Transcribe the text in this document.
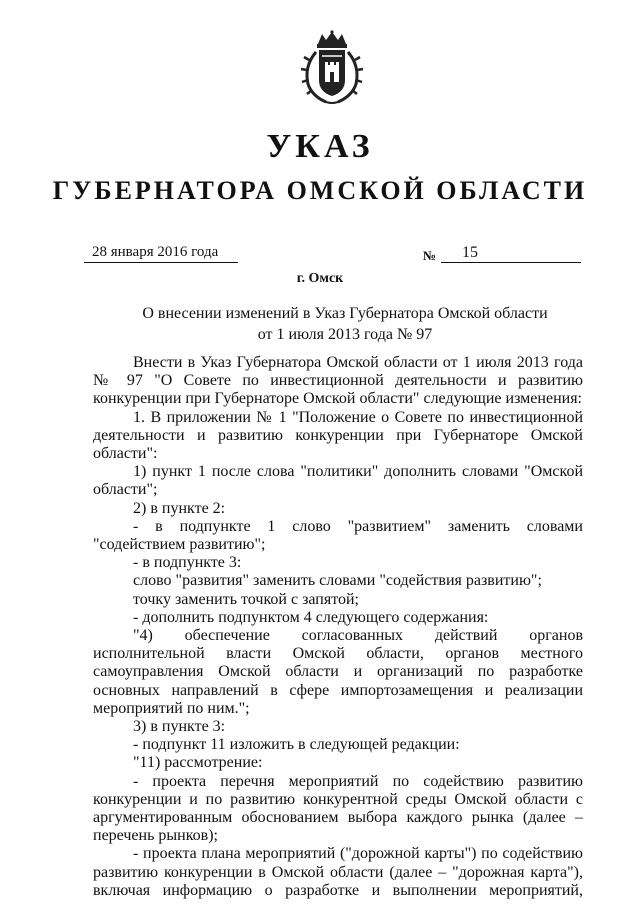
УКАЗ
ГУБЕРНАТОРА ОМСКОЙ ОБЛАСТИ
28 января 2016 года	№ 15
г. Омск
О внесении изменений в Указ Губернатора Омской области
от 1 июля 2013 года № 97

Внести в Указ Губернатора Омской области от 1 июля 2013 года № 97 "О Совете по инвестиционной деятельности и развитию конкуренции при Губернаторе Омской области" следующие изменения:

1. В приложении № 1 "Положение о Совете по инвестиционной деятельности и развитию конкуренции при Губернаторе Омской области":

1) пункт 1 после слова "политики" дополнить словами "Омской области";

2) в пункте 2:

- в подпункте 1 слово "развитием" заменить словами "содействием развитию";

- в подпункте 3:

слово "развития" заменить словами "содействия развитию";

точку заменить точкой с запятой;

- дополнить подпунктом 4 следующего содержания:

"4) обеспечение согласованных действий органов исполнительной власти Омской области, органов местного самоуправления Омской области и организаций по разработке основных направлений в сфере импортозамещения и реализации мероприятий по ним.";

3) в пункте 3:

- подпункт 11 изложить в следующей редакции:

"11) рассмотрение:

- проекта перечня мероприятий по содействию развитию конкуренции и по развитию конкурентной среды Омской области с аргументированным обоснованием выбора каждого рынка (далее – перечень рынков);

- проекта плана мероприятий ("дорожной карты") по содействию развитию конкуренции в Омской области (далее – "дорожная карта"), включая информацию о разработке и выполнении мероприятий,
